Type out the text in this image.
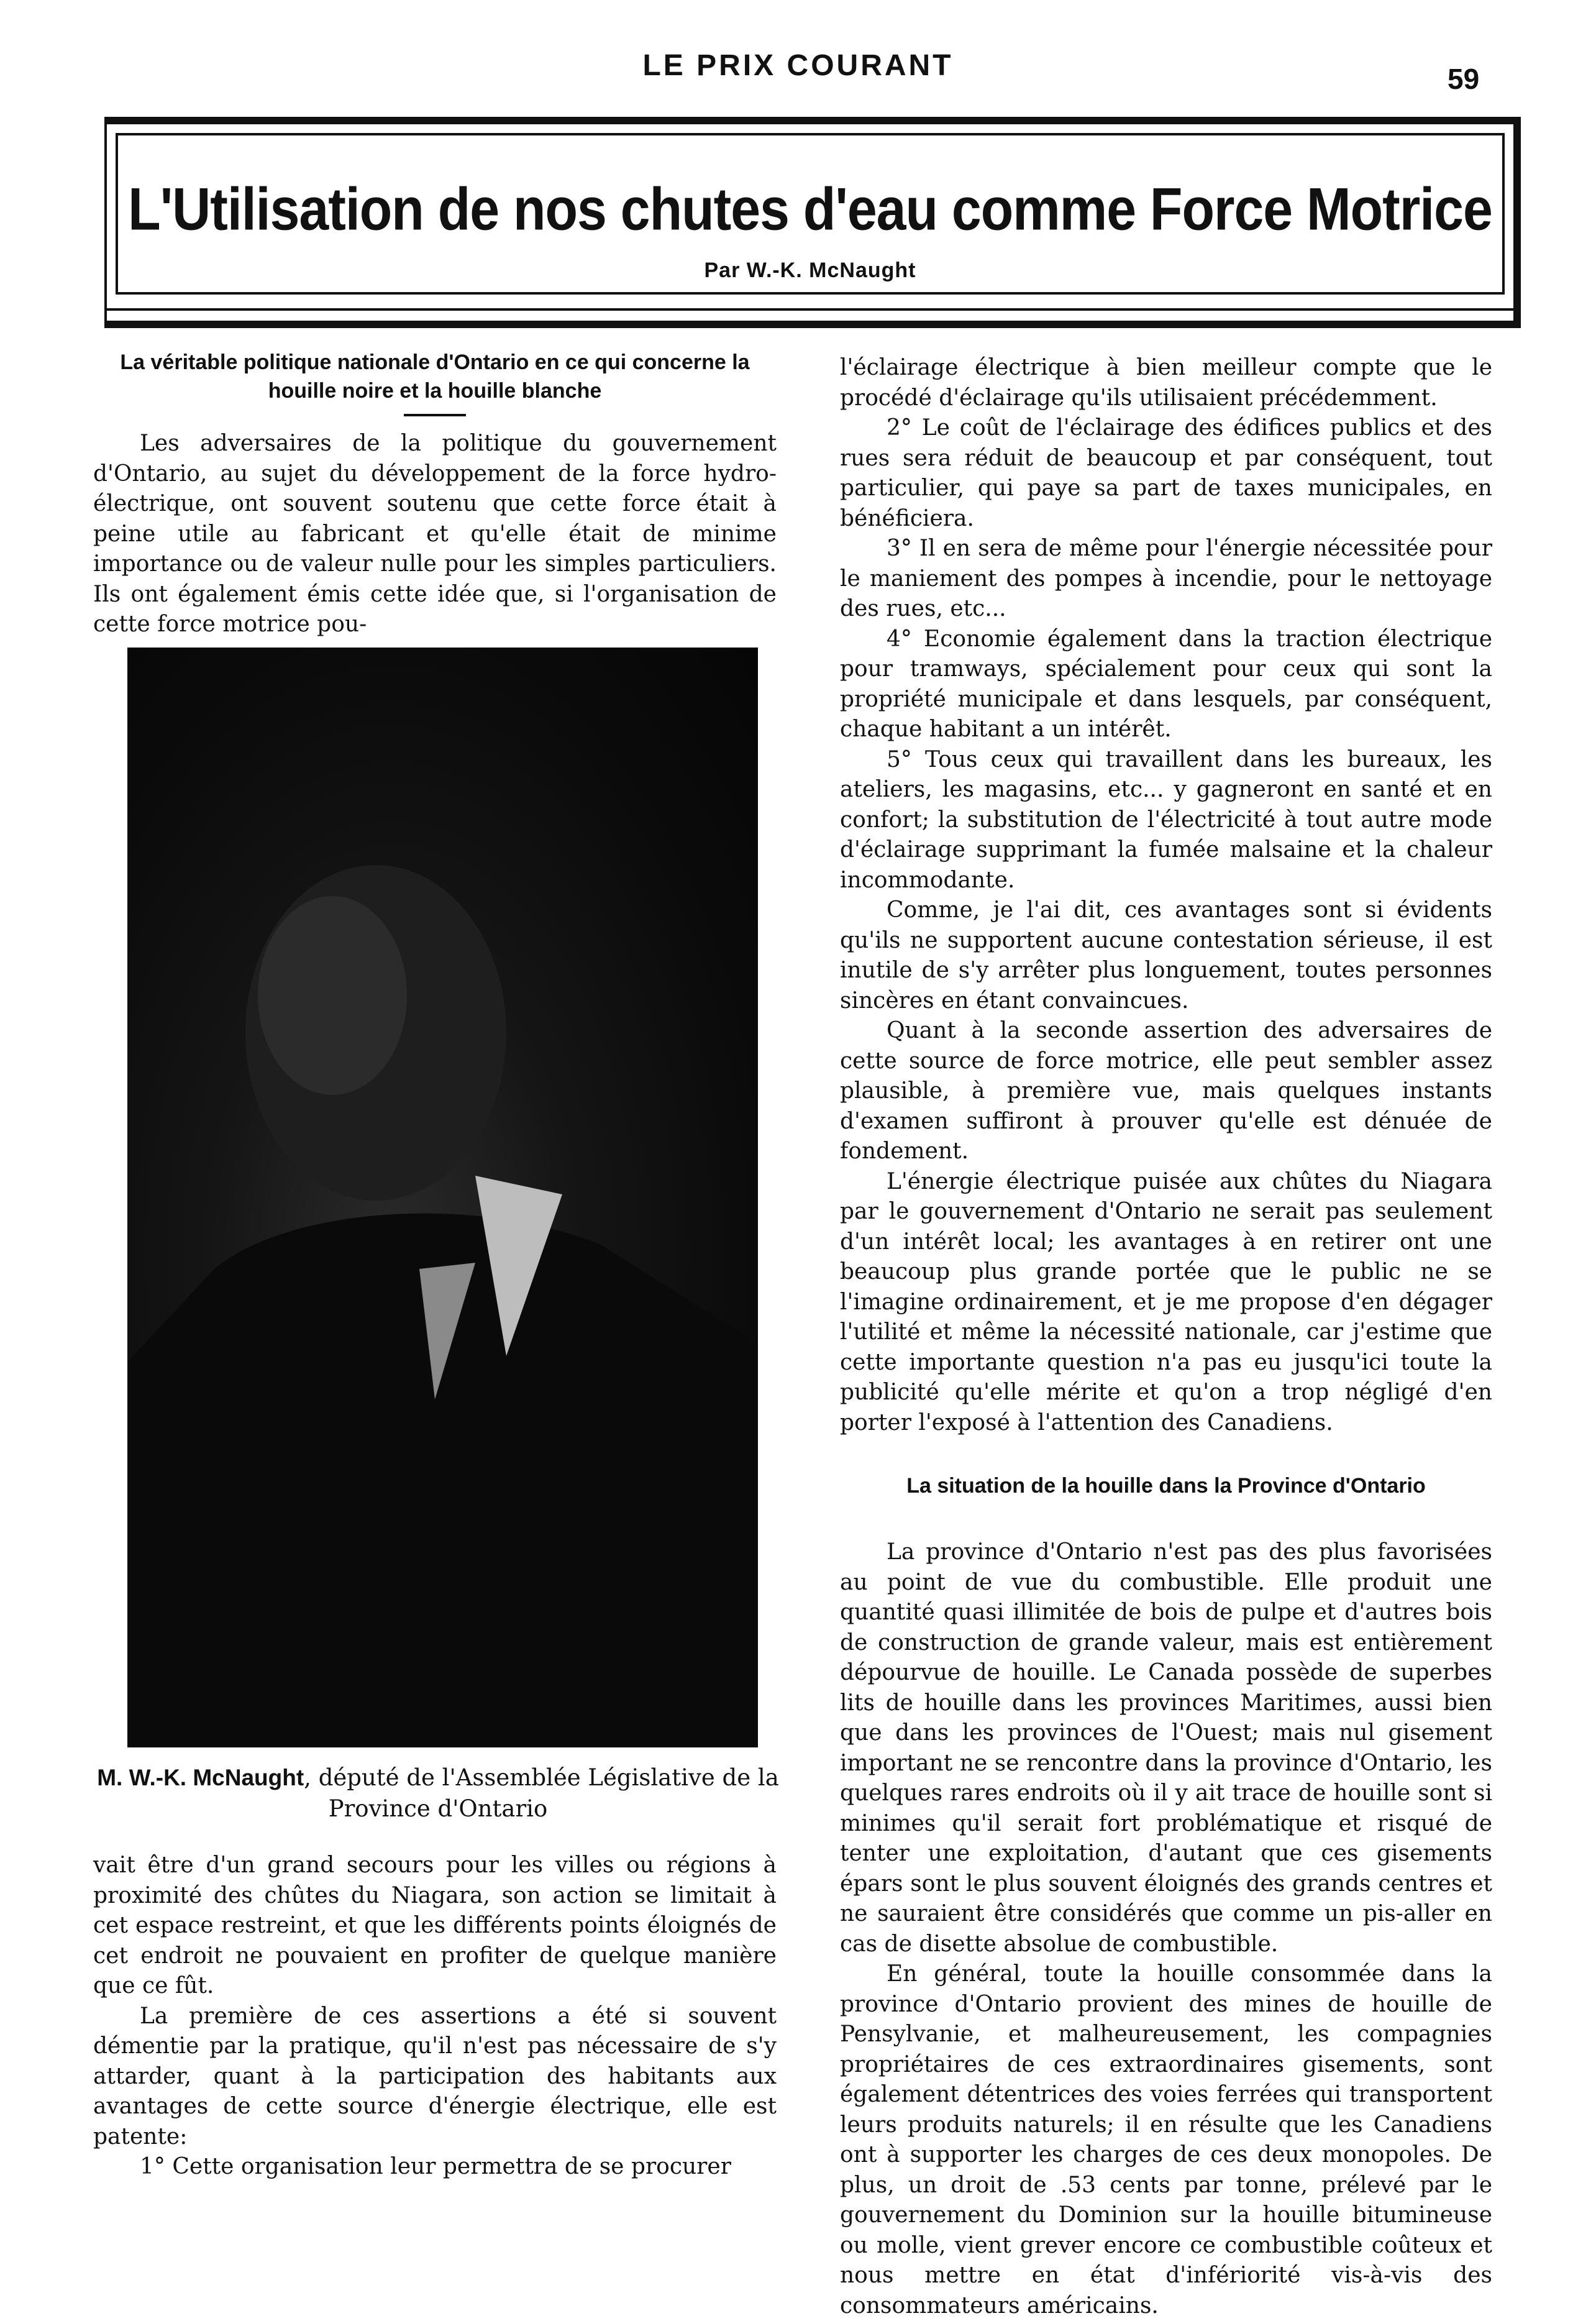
LE PRIX COURANT	59
L'Utilisation de nos chutes d'eau comme Force Motrice
Par W.-K. McNaught
La véritable politique nationale d'Ontario en ce qui concerne la houille noire et la houille blanche

Les adversaires de la politique du gouvernement d'Ontario, au sujet du développement de la force hydro-électrique, ont souvent soutenu que cette force était à peine utile au fabricant et qu'elle était de minime importance ou de valeur nulle pour les simples particuliers. Ils ont également émis cette idée que, si l'organisation de cette force motrice pou-

M. W.-K. McNaught, député de l'Assemblée Législative de la Province d'Ontario

vait être d'un grand secours pour les villes ou régions à proximité des chûtes du Niagara, son action se limitait à cet espace restreint, et que les différents points éloignés de cet endroit ne pouvaient en profiter de quelque manière que ce fût.

La première de ces assertions a été si souvent démentie par la pratique, qu'il n'est pas nécessaire de s'y attarder, quant à la participation des habitants aux avantages de cette source d'énergie électrique, elle est patente:

1° Cette organisation leur permettra de se procurer

l'éclairage électrique à bien meilleur compte que le procédé d'éclairage qu'ils utilisaient précédemment.

2° Le coût de l'éclairage des édifices publics et des rues sera réduit de beaucoup et par conséquent, tout particulier, qui paye sa part de taxes municipales, en bénéficiera.

3° Il en sera de même pour l'énergie nécessitée pour le maniement des pompes à incendie, pour le nettoyage des rues, etc...

4° Economie également dans la traction électrique pour tramways, spécialement pour ceux qui sont la propriété municipale et dans lesquels, par conséquent, chaque habitant a un intérêt.

5° Tous ceux qui travaillent dans les bureaux, les ateliers, les magasins, etc... y gagneront en santé et en confort; la substitution de l'électricité à tout autre mode d'éclairage supprimant la fumée malsaine et la chaleur incommodante.

Comme, je l'ai dit, ces avantages sont si évidents qu'ils ne supportent aucune contestation sérieuse, il est inutile de s'y arrêter plus longuement, toutes personnes sincères en étant convaincues.

Quant à la seconde assertion des adversaires de cette source de force motrice, elle peut sembler assez plausible, à première vue, mais quelques instants d'examen suffiront à prouver qu'elle est dénuée de fondement.

L'énergie électrique puisée aux chûtes du Niagara par le gouvernement d'Ontario ne serait pas seulement d'un intérêt local; les avantages à en retirer ont une beaucoup plus grande portée que le public ne se l'imagine ordinairement, et je me propose d'en dégager l'utilité et même la nécessité nationale, car j'estime que cette importante question n'a pas eu jusqu'ici toute la publicité qu'elle mérite et qu'on a trop négligé d'en porter l'exposé à l'attention des Canadiens.

La situation de la houille dans la Province d'Ontario

La province d'Ontario n'est pas des plus favorisées au point de vue du combustible. Elle produit une quantité quasi illimitée de bois de pulpe et d'autres bois de construction de grande valeur, mais est entièrement dépourvue de houille. Le Canada possède de superbes lits de houille dans les provinces Maritimes, aussi bien que dans les provinces de l'Ouest; mais nul gisement important ne se rencontre dans la province d'Ontario, les quelques rares endroits où il y ait trace de houille sont si minimes qu'il serait fort problématique et risqué de tenter une exploitation, d'autant que ces gisements épars sont le plus souvent éloignés des grands centres et ne sauraient être considérés que comme un pis-aller en cas de disette absolue de combustible.

En général, toute la houille consommée dans la province d'Ontario provient des mines de houille de Pensylvanie, et malheureusement, les compagnies propriétaires de ces extraordinaires gisements, sont également détentrices des voies ferrées qui transportent leurs produits naturels; il en résulte que les Canadiens ont à supporter les charges de ces deux monopoles. De plus, un droit de .53 cents par tonne, prélevé par le gouvernement du Dominion sur la houille bitumineuse ou molle, vient grever encore ce combustible coûteux et nous mettre en état d'infériorité vis-à-vis des consommateurs américains.
